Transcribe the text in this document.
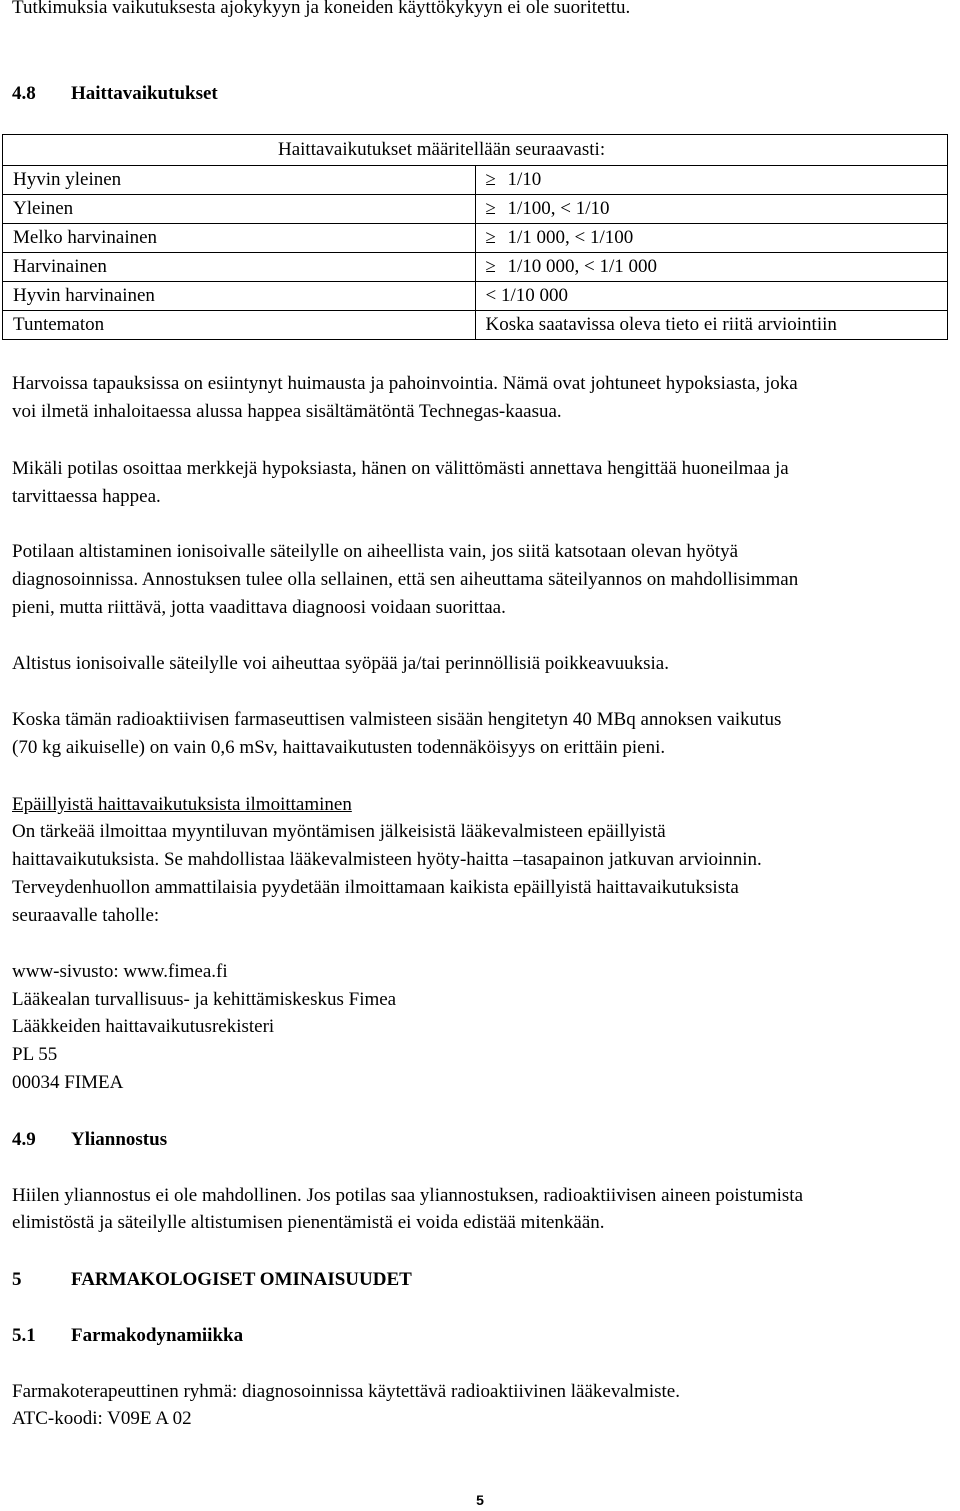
Tutkimuksia vaikutuksesta ajokykyyn ja koneiden käyttökykyyn ei ole suoritettu.
4.8 Haittavaikutukset
Haittavaikutukset määritellään seuraavasti:	
Hyvin yleinen	≥ 1/10
Yleinen	≥ 1/100, < 1/10
Melko harvinainen	≥ 1/1 000, < 1/100
Harvinainen	≥ 1/10 000, < 1/1 000
Hyvin harvinainen	< 1/10 000
Tuntematon	Koska saatavissa oleva tieto ei riitä arviointiin
Harvoissa tapauksissa on esiintynyt huimausta ja pahoinvointia. Nämä ovat johtuneet hypoksiasta, joka
voi ilmetä inhaloitaessa alussa happea sisältämätöntä Technegas-kaasua.
Mikäli potilas osoittaa merkkejä hypoksiasta, hänen on välittömästi annettava hengittää huoneilmaa ja
tarvittaessa happea.
Potilaan altistaminen ionisoivalle säteilylle on aiheellista vain, jos siitä katsotaan olevan hyötyä
diagnosoinnissa. Annostuksen tulee olla sellainen, että sen aiheuttama säteilyannos on mahdollisimman
pieni, mutta riittävä, jotta vaadittava diagnoosi voidaan suorittaa.
Altistus ionisoivalle säteilylle voi aiheuttaa syöpää ja/tai perinnöllisiä poikkeavuuksia.
Koska tämän radioaktiivisen farmaseuttisen valmisteen sisään hengitetyn 40 MBq annoksen vaikutus
(70 kg aikuiselle) on vain 0,6 mSv, haittavaikutusten todennäköisyys on erittäin pieni.
Epäillyistä haittavaikutuksista ilmoittaminen
On tärkeää ilmoittaa myyntiluvan myöntämisen jälkeisistä lääkevalmisteen epäillyistä
haittavaikutuksista. Se mahdollistaa lääkevalmisteen hyöty-haitta –tasapainon jatkuvan arvioinnin.
Terveydenhuollon ammattilaisia pyydetään ilmoittamaan kaikista epäillyistä haittavaikutuksista
seuraavalle taholle:
www-sivusto: www.fimea.fi
Lääkealan turvallisuus- ja kehittämiskeskus Fimea
Lääkkeiden haittavaikutusrekisteri
PL 55
00034 FIMEA
4.9 Yliannostus
Hiilen yliannostus ei ole mahdollinen. Jos potilas saa yliannostuksen, radioaktiivisen aineen poistumista
elimistöstä ja säteilylle altistumisen pienentämistä ei voida edistää mitenkään.
5	FARMAKOLOGISET OMINAISUUDET
5.1 Farmakodynamiikka
Farmakoterapeuttinen ryhmä: diagnosoinnissa käytettävä radioaktiivinen lääkevalmiste.
ATC-koodi: V09E A 02
5
